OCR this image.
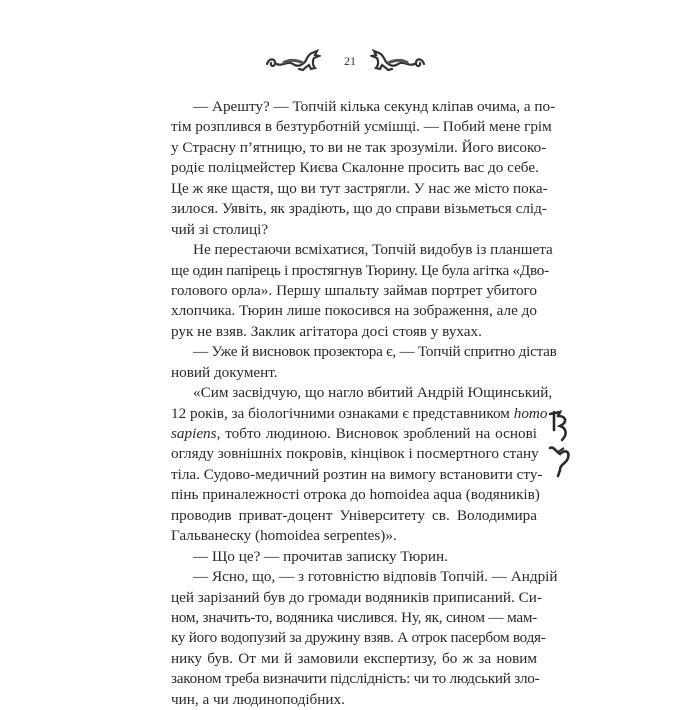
21
— Арешту? — Топчій кілька секунд кліпав очима, а по-
тім розплився в безтурботній усмішці. — Побий мене грім
у Страсну п’ятницю, то ви не так зрозуміли. Його високо-
родіє поліцмейстер Києва Скалонне просить вас до себе.
Це ж яке щастя, що ви тут застрягли. У нас же місто пока-
зилося. Уявіть, як зрадіють, що до справи візьметься слід-
чий зі столиці?
Не перестаючи всміхатися, Топчій видобув із планшета
ще один папірець і простягнув Тюрину. Це була агітка «Дво-
голового орла». Першу шпальту займав портрет убитого
хлопчика. Тюрин лише покосився на зображення, але до
рук не взяв. Заклик агітатора досі стояв у вухах.
— Уже й висновок прозектора є, — Топчій спритно дістав
новий документ.
«Сим засвідчую, що нагло вбитий Андрій Ющинський,
12 років, за біологічними ознаками є представником homo
sapiens, тобто людиною. Висновок зроблений на основі
огляду зовнішніх покровів, кінцівок і посмертного стану
тіла. Судово-медичний розтин на вимогу встановити сту-
пінь приналежності отрока до homoidea aqua (водяників)
проводив приват-доцент Університету св. Володимира
Гальванеску (homoidea serpentes)».
— Що це? — прочитав записку Тюрин.
— Ясно, що, — з готовністю відповів Топчій. — Андрій
цей зарізаний був до громади водяників приписаний. Си-
ном, значить-то, водяника числився. Ну, як, сином — мам-
ку його водопузий за дружину взяв. А отрок пасербом водя-
нику був. От ми й замовили експертизу, бо ж за новим
законом треба визначити підслідність: чи то людський зло-
чин, а чи людиноподібних.
